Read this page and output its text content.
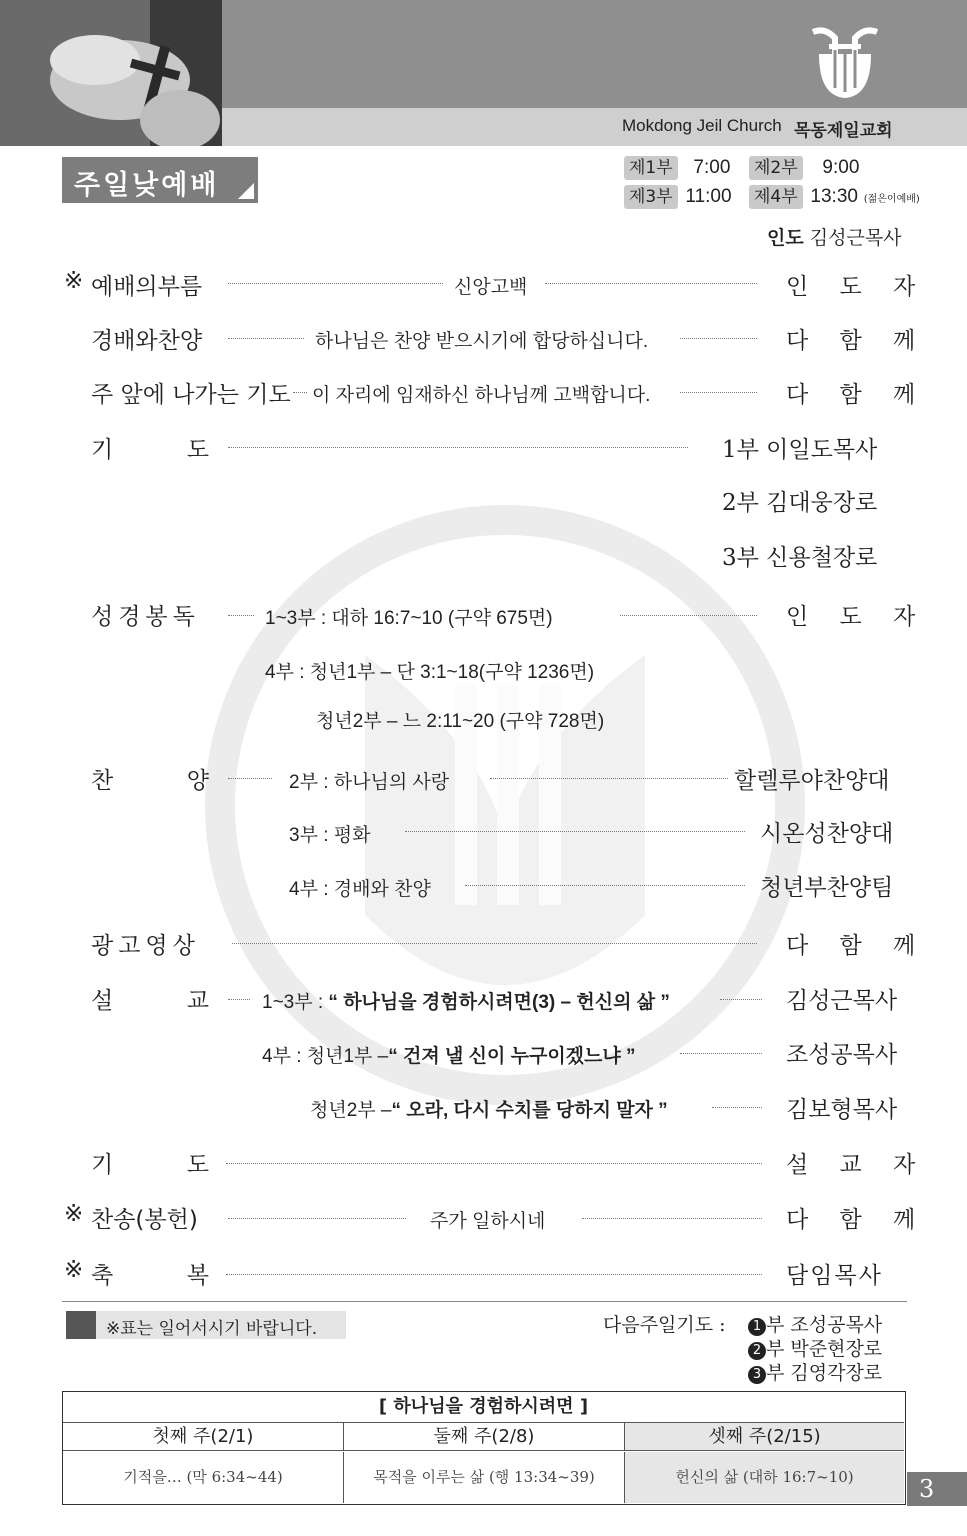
Mokdong Jeil Church 목동제일교회
주일낮예배
제1부 7:00 제2부 9:00
제3부 11:00 제4부 13:30 (젊은이예배)
인도 김성근목사
※ 예배의부름	신앙고백	인 도 자
경배와찬양	하나님은 찬양 받으시기에 합당하십니다.	다 함 께
주 앞에 나가는 기도 이 자리에 임재하신 하나님께 고백합니다.	다 함 께
기	도	1부 이일도목사
2부 김대웅장로
3부 신용철장로
성경봉독	1~3부 : 대하 16:7~10 (구약 675면)	인 도 자
4부 : 청년1부 – 단 3:1~18(구약 1236면)
청년2부 – 느 2:11~20 (구약 728면)
찬	양	2부 : 하나님의 사랑	할렐루야찬양대
3부 : 평화	시온성찬양대
4부 : 경배와 찬양	청년부찬양팀
광고영상	다 함 께
설	교	1~3부 : “ 하나님을 경험하시려면(3) – 헌신의 삶 ”	김성근목사
4부 : 청년1부 –“ 건져 낼 신이 누구이겠느냐 ”	조성공목사
청년2부 –“ 오라, 다시 수치를 당하지 말자 ”	김보형목사
기	도	설 교 자
※ 찬송(봉헌)	주가 일하시네	다 함 께
※ 축	복	담임목사
※표는 일어서시기 바랍니다.	다음주일기도 :	1 부 조성공목사
2 부 박준현장로
3 부 김영각장로
[ 하나님을 경험하시려면 ]
첫째 주(2/1)	둘째 주(2/8)	셋째 주(2/15)
기적을… (막 6:34~44)	목적을 이루는 삶 (행 13:34~39)	헌신의 삶 (대하 16:7~10)	3
